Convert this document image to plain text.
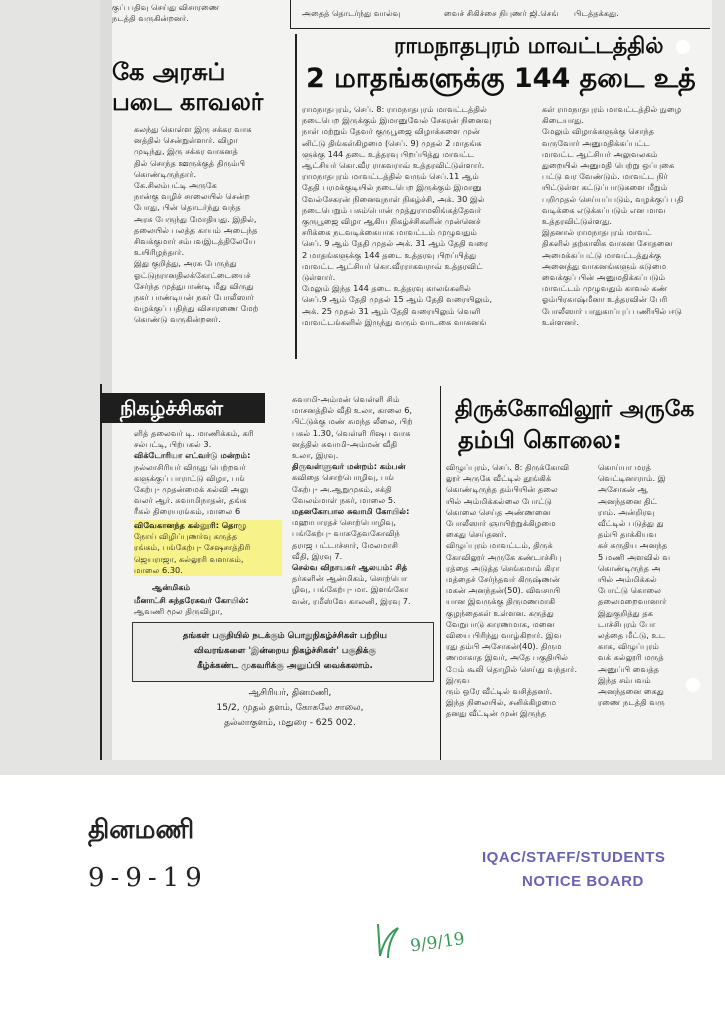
குப் பதிவு செய்து விசாரணை
நடத்தி வருகின்றனர்.
அதைத் தொடர்ந்து வால்வு	வைச் சிகிச்சை நிபுணர் ஜி.செங்	பிடத்தக்கது.
கே அரசுப்
படை காவலர்
கலந்து கொள்ள இரு சக்கர வாக
னத்தில் சென்றுள்ளார். விழா
முடிந்து, இரு சக்கர வாகனத்
தில் சொந்த ஊருக்குத் திரும்பி
கொண்டிருந்தார்.
கே.சிலம்பட்டி அருகே
நான்கு வழிச் சாலையில் சென்ற
போது, பின் தொடர்ந்து வந்த
அரசு பேருந்து மோதியது. இதில்,
தலையில் பலத்த காயம் அடைந்த
சிவக்குமார் சம்பவஇடத்திலேயே
உயிரிழந்தார்.
இது குறித்து, அரசு பேருந்து
ஓட்டுநரானதிலக்கோட்டையைச்
சேர்ந்த முத்துபாண்டி மீது விருது
நகர் பாண்டியன் நகர் போலீஸார்
வழக்குப் பதிந்து விசாரணை மேற்
கொண்டு வருகின்றனர்.
ராமநாதபுரம் மாவட்டத்தில்
2 மாதங்களுக்கு 144 தடை உத்
ராமநாதபுரம், செப். 8: ராமநாதபுரம் மாவட்டத்தில்
நடைபெற இருக்கும் இமானுவேல் சேகரன் நினைவு
நாள் மற்றும் தேவர் குருபூஜை விழாக்களை முன்
னிட்டு திங்கள்கிழமை (செப். 9) முதல் 2 மாதங்க
ளுக்கு 144 தடை உத்தரவு பிறப்பித்து மாவட்ட
ஆட்சியர் கொ.வீர ராகவராவ் உத்தரவிட்டுள்ளார்.
ராமநாதபுரம் மாவட்டத்தில் வரும் செப்.11 ஆம்
தேதி பரமக்குடியில் நடைபெற இருக்கும் இமானு
வேல்சேகரன் நினைவுநாள் நிகழ்ச்சி, அக். 30 இல்
நடைபெறும் பசும்பொன் முத்துராமலிங்கத்தேவர்
குருபூஜை விழா ஆகிய நிகழ்ச்சிகளின் முன்னெச்
சரிக்கை நடவடிக்கையாக மாவட்டம் முழுவதும்
செப். 9 ஆம் தேதி முதல் அக். 31 ஆம் தேதி வரை
2 மாதங்களுக்கு 144 தடை உத்தரவு பிறப்பித்து
மாவட்ட ஆட்சியர் கொ.வீரராகவராவ் உத்தரவிட்
டுள்ளார்.
மேலும் இந்த 144 தடை உத்தரவு காலங்களில்
செப்.9 ஆம் தேதி முதல் 15 ஆம் தேதி வரையிலும்,
அக். 25 முதல் 31 ஆம் தேதி வரையிலும் வெளி
மாவட்டங்களில் இருந்து வரும் வாடகை வாகனங்
கள் ராமநாதபுரம் மாவட்டத்தில் நுழை
கிடையாது.
மேலும் விழாக்களுக்கு சொந்த
வருவோர் அனுமதிக்கப்பட்ட
மாவட்ட ஆட்சியர் அலுவலகம்
துறையில் அனுமதி பெற்று ஒப்புகை
பட்டு வர வேண்டும். மாவட்ட நிர்
யிட்டுள்ள கட்டுப்பாடுகளை மீறும்
பறிமுதல் செய்யப்படும், வழக்குப் பதி
வடிக்கை எடுக்கப்படும் என மாவ
உத்தரவிட்டுள்ளது.
இதனால் ராமநாதபுரம் மாவட்
திகளில் தற்காலிக வாகன சோதனை
அமைக்கப்பட்டு மாவட்டத்துக்கு
அனைத்து வாகனங்களும் கடுமை
வைக்குப் பின் அனுமதிக்கப்படும்
மாவட்டம் முழுவதும் காவல் கண்
ஓம்பிரகாஷ்மீனா உத்தரவின் பேரி
போலீஸார் பாதுகாப்புப் பணியில் ஈடு
உள்ளனர்.
நிகழ்ச்சிகள்
ளித் தலைவர் டி. மாணிக்கம், கரி
சல்பட்டி, பிற்பகல் 3.
விக்டோரியா எட்வர்டு மன்றம்:
நல்லாசிரியர் விருது பெற்றவர்
களுக்குப் பாராட்டு விழா, பங்
கேற்பு- முதன்மைக் கல்வி அலு
வலர் ஆர். சுவாமிநாதன், தங்க
ரீகல் திரையரங்கம், மாலை 6
விவேகானந்த கல்லூரி: தொழு
நோய் விழிப்புணர்வு கருத்த
ரங்கம், பங்கேற்பு- சேஷசாத்திரி
ஜெயராஜா, கல்லூரி வளாகம்,
மாலை 6.30.
ஆன்மிகம்
மீனாட்சி சுந்தரேசுவர் கோயில்:
ஆவணி மூல திருவிழா,
சுவாமி-அம்மன் வெள்ளி சிம்
மாசனத்தில் வீதி உலா, காலை 6,
பிட்டுக்கு மண் சுமந்த லீலை, பிற்
பகல் 1.30, வெள்ளி ரிஷப வாக
னத்தில் சுவாமி-அம்மன் வீதி
உலா, இரவு.
திருவள்ளுவர் மன்றம்: கம்பன்
கவிதை சொற்பொழிவு, பங்
கேற்பு- அ.ஆறுமுகம், சக்தி
வேலம்மாள் நகர், மாலை 5.
மதனகோபால சுவாமி கோயில்:
மஹாபாரதச் சொற்பொழிவு,
பங்கேற்பு- வாசுதேவகோவிந்
தராஜ பட்டாச்சார், மேலமாசி
வீதி, இரவு 7.
செல்வ விநாயகர் ஆலயம்: சித்
தர்களின் ஆன்மிகம், சொற்பொ
ழிவு, பங்கேற்பு- மா. இளங்கோ
வன், ரமீஸ்வே காலனி, இரவு 7.
தங்கள் பகுதியில் நடக்கும் பொதுநிகழ்ச்சிகள் பற்றிய
விவரங்களை 'இன்றைய நிகழ்ச்சிகள்' பகுதிக்கு
கீழ்க்கண்ட முகவரிக்கு அனுப்பி வைக்கலாம்.
ஆசிரியர், தினமணி,
15/2, முதல் தளம், கோகலே சாலை,
தல்லாகுளம், மதுரை - 625 002.
திருக்கோவிலூர் அருகே
தம்பி கொலை:
விழுப்புரம், செப். 8: திருக்கோவி
லூர் அருகே வீட்டில் தூங்கிக்
கொண்டிருந்த தம்பியின் தலை
யில் அம்மிக்கல்லை போட்டு
கொலை செய்த அண்ணனை
போலீஸார் ஞாயிற்றுக்கிழமை
கைது செய்தனர்.
விழுப்புரம் மாவட்டம், திருக்
கோவிலூர் அருகே கண்டாச்சிபு
ரத்தை அடுத்த செங்கமாம் கிரா
மத்தைச் சேர்ந்தவர் கிருஷ்ணன்
மகன் அனந்தன்(50). விவசாயி
யான இவருக்கு திருமணமாகி
குழந்தைகள் உள்ளன. கருத்து
வேறுபாடு காரணமாக, மனை
வியை பிரிந்து வாழ்கிறார். இவ
ரது தம்பி அசோகன்(40). திரும
ணமாகாத இவர், அதே பகுதியில்
ேம் கூலி தொழில் செய்து வந்தார். இருவ
ரும் ஒரே வீட்டில் வசித்தனர்.
இந்த நிலையில், சனிக்கிழமை
தனது வீட்டின் முன் இருந்த
கொய்யா மரத்
வெட்டினாராம். இ
அசோகன் ஆ
அனந்தனை திட்
ராம். அன்றிரவு
வீட்டில் படுத்து து
தம்பி தாக்கியவ
கச் சுருதிய அனந்த
5 மணி அளவில் வ
கொண்டிருந்த அ
யில் அம்மிக்கல்
போட்டு கொலை
தலைமறைவானார்
இதுகுறித்து தக
டாச்சிபுரம் போ
லத்தை மீட்டு, உட
காக, விழுப்புரம்
வக் கல்லூரி மருத்
அனுப்பி வைத்த
இந்த சம்பவம்
அனந்தனை கைது
ரணை நடத்தி வரு
தினமணி
9-9-19
IQAC/STAFF/STUDENTS
NOTICE BOARD
9/9/19
